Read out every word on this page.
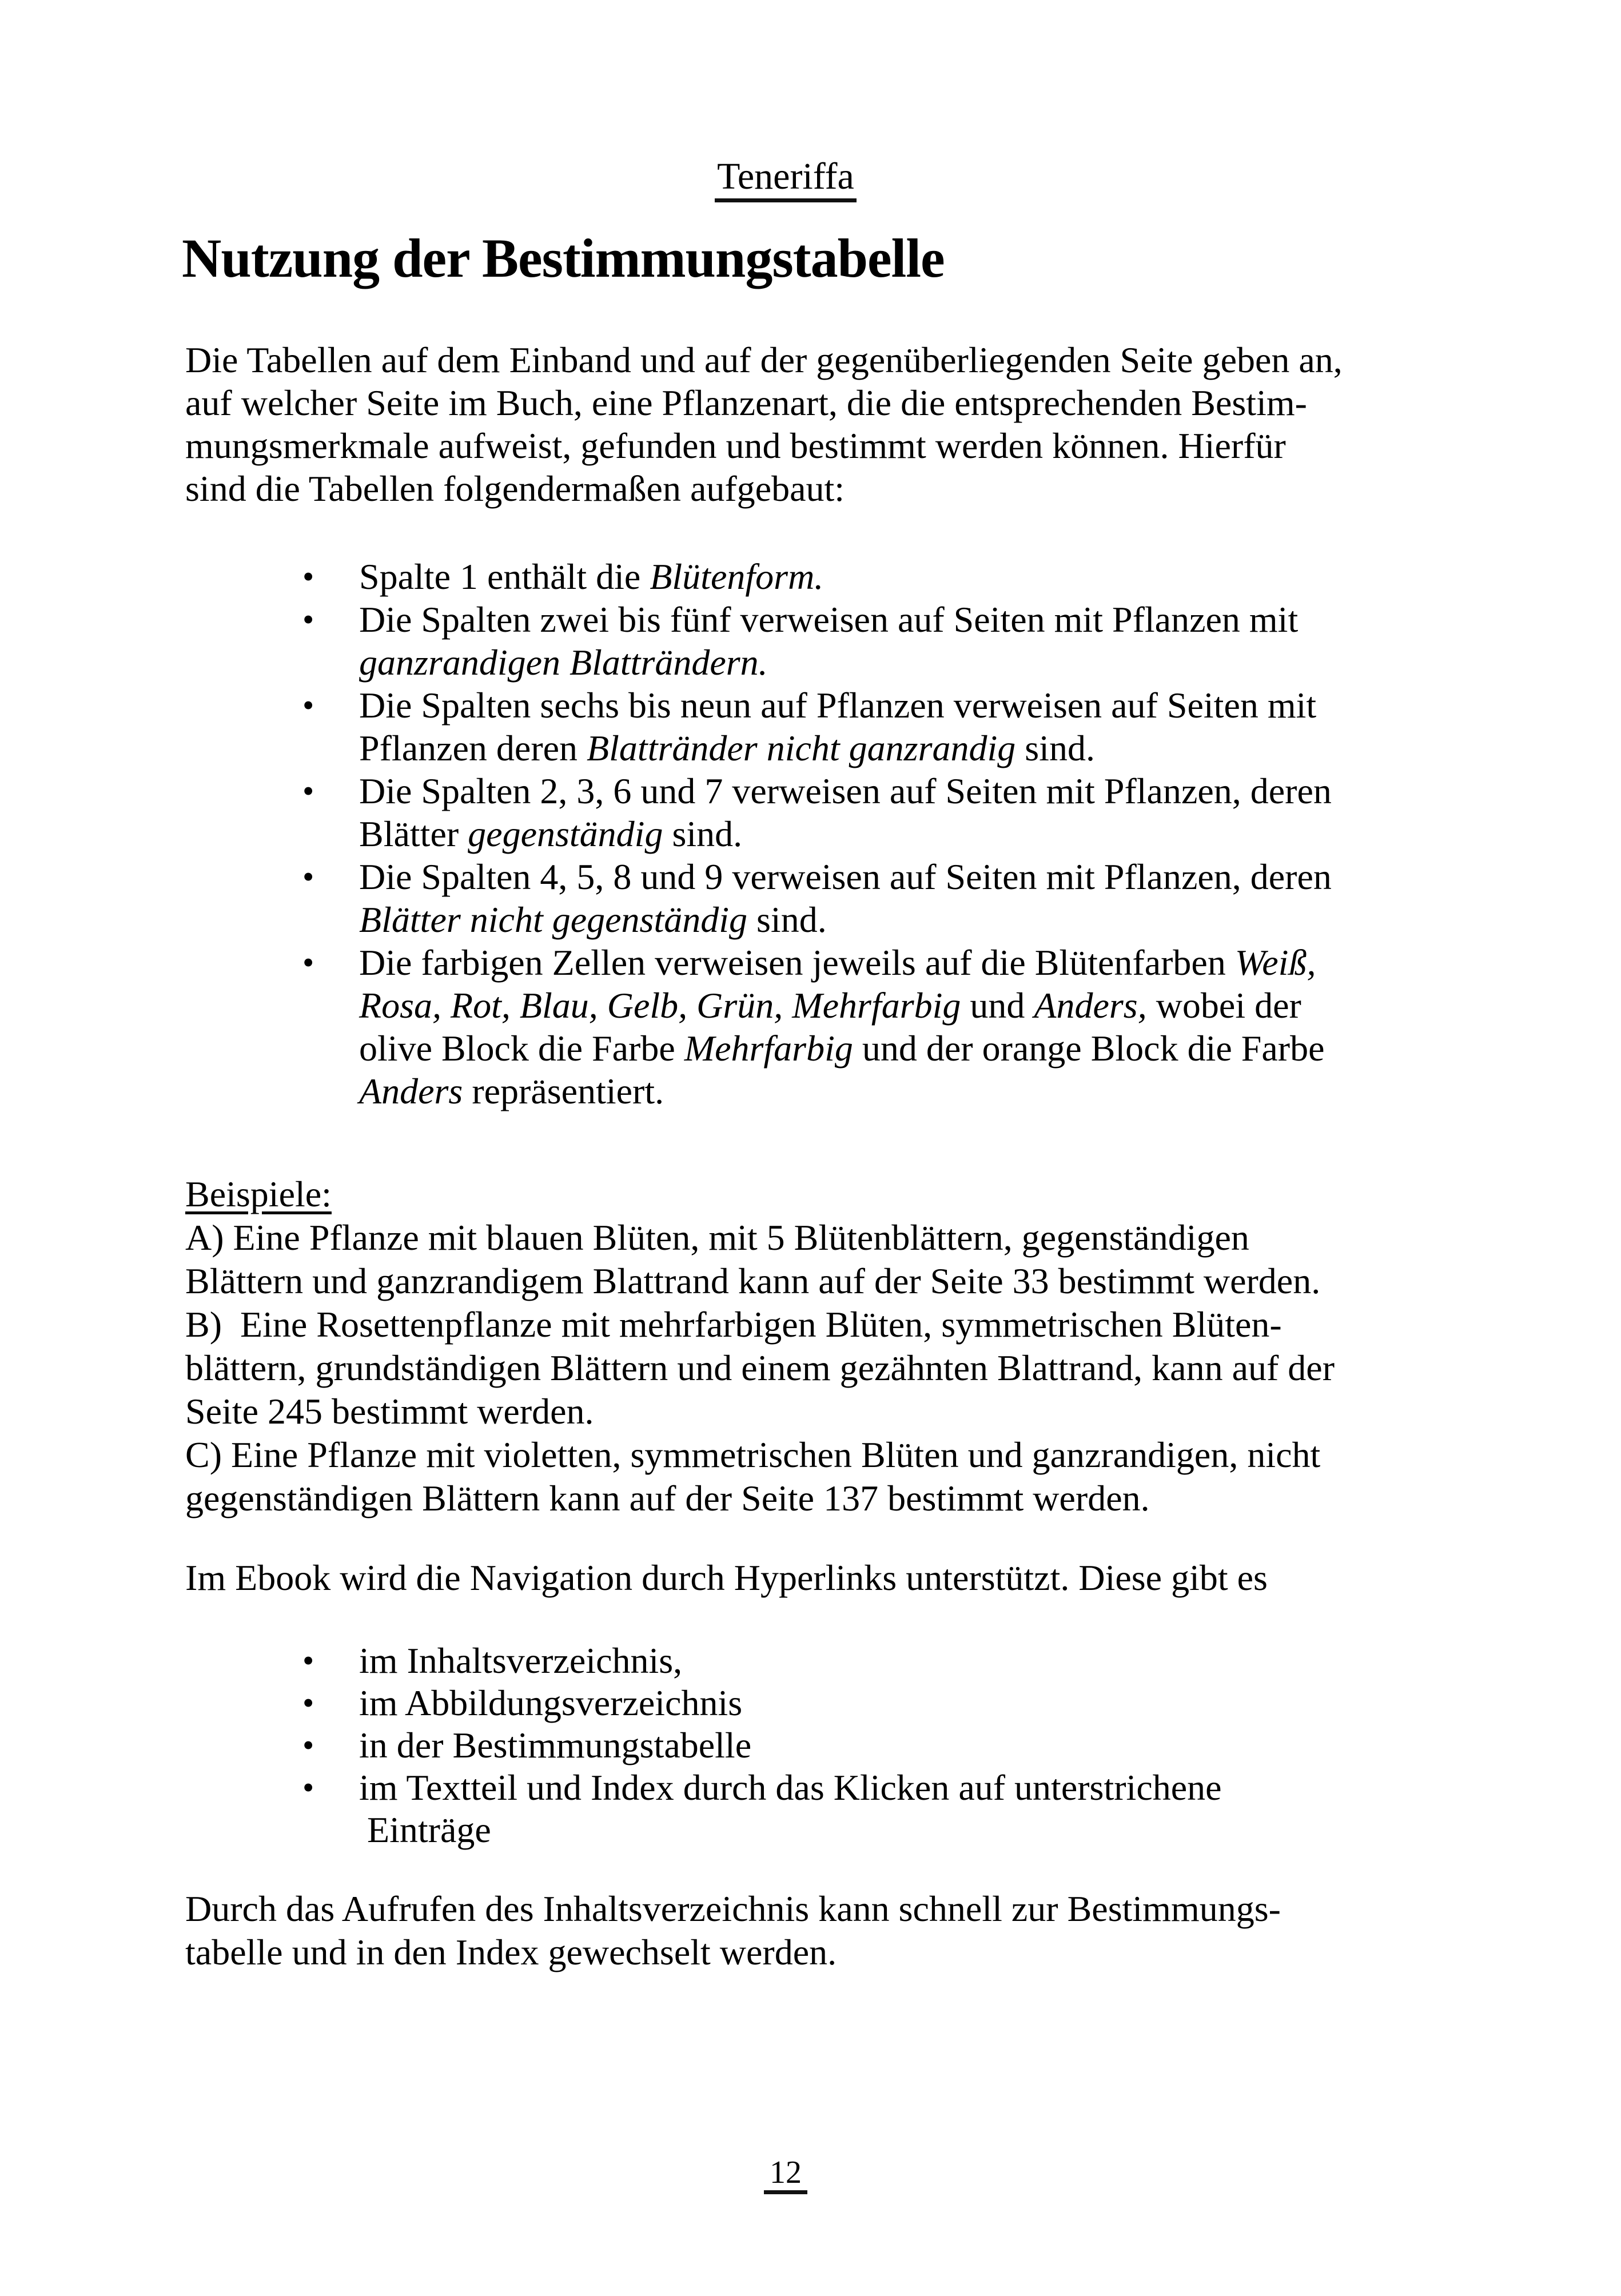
Teneriffa
Nutzung der Bestimmungstabelle
Die Tabellen auf dem Einband und auf der gegenüberliegenden Seite geben an,
auf welcher Seite im Buch, eine Pflanzenart, die die entsprechenden Bestim-
mungsmerkmale aufweist, gefunden und bestimmt werden können. Hierfür
sind die Tabellen folgendermaßen aufgebaut:
• Spalte 1 enthält die Blütenform.
• Die Spalten zwei bis fünf verweisen auf Seiten mit Pflanzen mit
ganzrandigen Blatträndern.
• Die Spalten sechs bis neun auf Pflanzen verweisen auf Seiten mit
Pflanzen deren Blattränder nicht ganzrandig sind.
• Die Spalten 2, 3, 6 und 7 verweisen auf Seiten mit Pflanzen, deren
Blätter gegenständig sind.
• Die Spalten 4, 5, 8 und 9 verweisen auf Seiten mit Pflanzen, deren
Blätter nicht gegenständig sind.
• Die farbigen Zellen verweisen jeweils auf die Blütenfarben Weiß,
Rosa, Rot, Blau, Gelb, Grün, Mehrfarbig und Anders, wobei der
olive Block die Farbe Mehrfarbig und der orange Block die Farbe
Anders repräsentiert.
Beispiele:
A) Eine Pflanze mit blauen Blüten, mit 5 Blütenblättern, gegenständigen
Blättern und ganzrandigem Blattrand kann auf der Seite 33 bestimmt werden.
B)  Eine Rosettenpflanze mit mehrfarbigen Blüten, symmetrischen Blüten-
blättern, grundständigen Blättern und einem gezähnten Blattrand, kann auf der
Seite 245 bestimmt werden.
C) Eine Pflanze mit violetten, symmetrischen Blüten und ganzrandigen, nicht
gegenständigen Blättern kann auf der Seite 137 bestimmt werden.
Im Ebook wird die Navigation durch Hyperlinks unterstützt. Diese gibt es
• im Inhaltsverzeichnis,
• im Abbildungsverzeichnis
• in der Bestimmungstabelle
• im Textteil und Index durch das Klicken auf unterstrichene
Einträge
Durch das Aufrufen des Inhaltsverzeichnis kann schnell zur Bestimmungs-
tabelle und in den Index gewechselt werden.
12
